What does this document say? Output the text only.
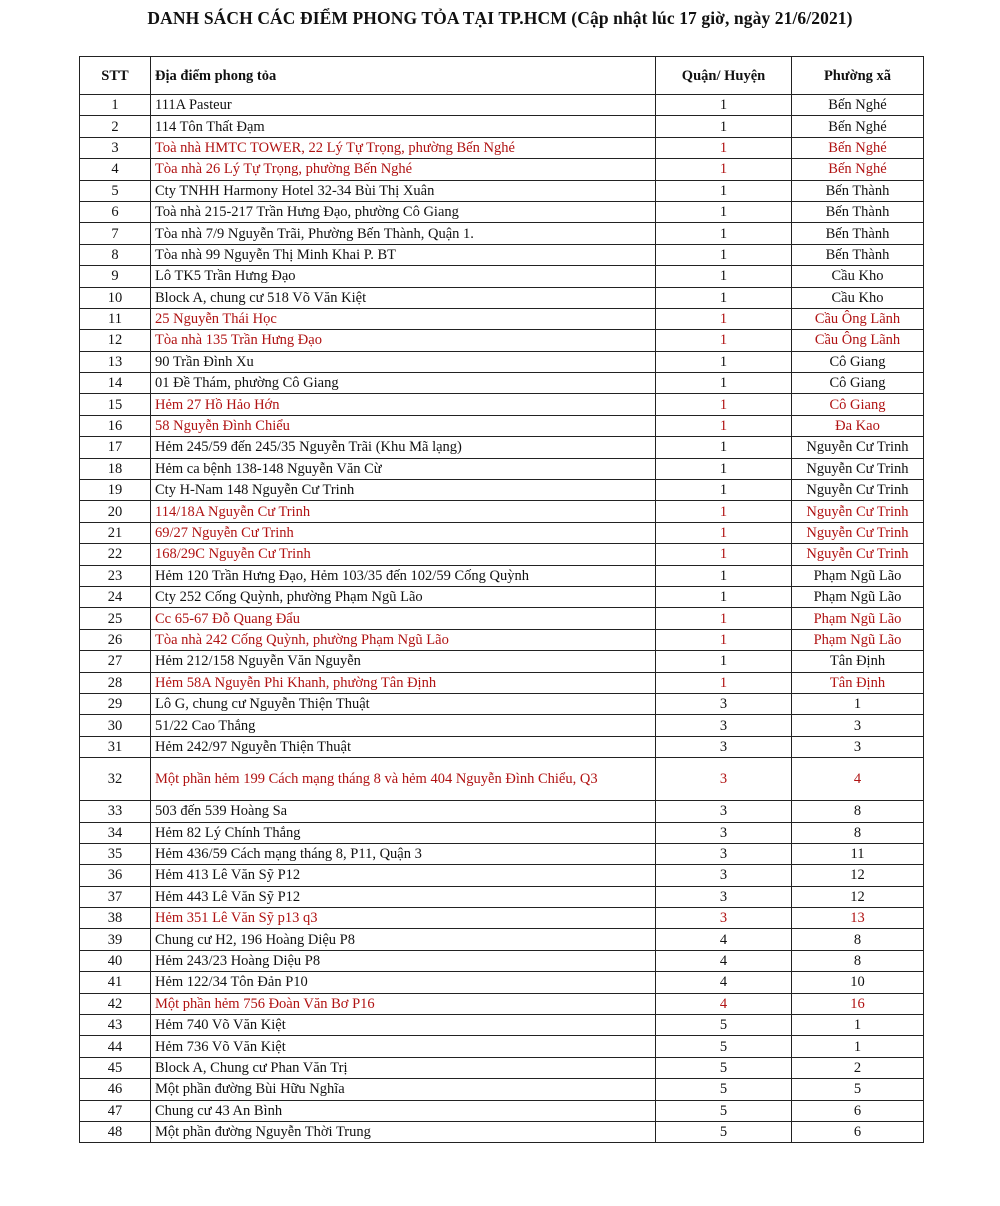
DANH SÁCH CÁC ĐIỂM PHONG TỎA TẠI TP.HCM (Cập nhật lúc 17 giờ, ngày 21/6/2021)
STT	Địa điểm phong tỏa	Quận/ Huyện	Phường xã
1	111A Pasteur	1	Bến Nghé
2	114 Tôn Thất Đạm	1	Bến Nghé
3	Toà nhà HMTC TOWER, 22 Lý Tự Trọng, phường Bến Nghé	1	Bến Nghé
4	Tòa nhà 26 Lý Tự Trọng, phường Bến Nghé	1	Bến Nghé
5	Cty TNHH Harmony Hotel 32-34 Bùi Thị Xuân	1	Bến Thành
6	Toà nhà 215-217 Trần Hưng Đạo, phường Cô Giang	1	Bến Thành
7	Tòa nhà 7/9 Nguyễn Trãi, Phường Bến Thành, Quận 1.	1	Bến Thành
8	Tòa nhà 99 Nguyễn Thị Minh Khai P. BT	1	Bến Thành
9	Lô TK5 Trần Hưng Đạo	1	Cầu Kho
10	Block A, chung cư 518 Võ Văn Kiệt	1	Cầu Kho
11	25 Nguyễn Thái Học	1	Cầu Ông Lãnh
12	Tòa nhà 135 Trần Hưng Đạo	1	Cầu Ông Lãnh
13	90 Trần Đình Xu	1	Cô Giang
14	01 Đề Thám, phường Cô Giang	1	Cô Giang
15	Hẻm 27 Hồ Hảo Hớn	1	Cô Giang
16	58 Nguyễn Đình Chiểu	1	Đa Kao
17	Hẻm 245/59 đến 245/35 Nguyễn Trãi (Khu Mã lạng)	1	Nguyễn Cư Trinh
18	Hẻm ca bệnh 138-148 Nguyễn Văn Cừ	1	Nguyễn Cư Trinh
19	Cty H-Nam 148 Nguyễn Cư Trinh	1	Nguyễn Cư Trinh
20	114/18A Nguyễn Cư Trinh	1	Nguyễn Cư Trinh
21	69/27 Nguyễn Cư Trinh	1	Nguyễn Cư Trinh
22	168/29C Nguyễn Cư Trinh	1	Nguyễn Cư Trinh
23	Hẻm 120 Trần Hưng Đạo, Hẻm 103/35 đến 102/59 Cống Quỳnh	1	Phạm Ngũ Lão
24	Cty 252 Cống Quỳnh, phường Phạm Ngũ Lão	1	Phạm Ngũ Lão
25	Cc 65-67 Đỗ Quang Đẩu	1	Phạm Ngũ Lão
26	Tòa nhà 242 Cống Quỳnh, phường Phạm Ngũ Lão	1	Phạm Ngũ Lão
27	Hẻm 212/158 Nguyễn Văn Nguyễn	1	Tân Định
28	Hẻm 58A Nguyễn Phi Khanh, phường Tân Định	1	Tân Định
29	Lô G, chung cư Nguyễn Thiện Thuật	3	1
30	51/22 Cao Thắng	3	3
31	Hẻm 242/97 Nguyễn Thiện Thuật	3	3
32	Một phần hẻm 199 Cách mạng tháng 8 và hẻm 404 Nguyễn Đình Chiểu, Q3	3	4
33	503 đến 539 Hoàng Sa	3	8
34	Hẻm 82 Lý Chính Thắng	3	8
35	Hẻm 436/59 Cách mạng tháng 8, P11, Quận 3	3	11
36	Hẻm 413 Lê Văn Sỹ P12	3	12
37	Hẻm 443 Lê Văn Sỹ P12	3	12
38	Hẻm 351 Lê Văn Sỹ p13 q3	3	13
39	Chung cư H2, 196 Hoàng Diệu P8	4	8
40	Hẻm 243/23 Hoàng Diệu P8	4	8
41	Hẻm 122/34 Tôn Đản P10	4	10
42	Một phần hẻm 756 Đoàn Văn Bơ P16	4	16
43	Hẻm 740 Võ Văn Kiệt	5	1
44	Hẻm 736 Võ Văn Kiệt	5	1
45	Block A, Chung cư Phan Văn Trị	5	2
46	Một phần đường Bùi Hữu Nghĩa	5	5
47	Chung cư 43 An Bình	5	6
48	Một phần đường Nguyễn Thời Trung	5	6
